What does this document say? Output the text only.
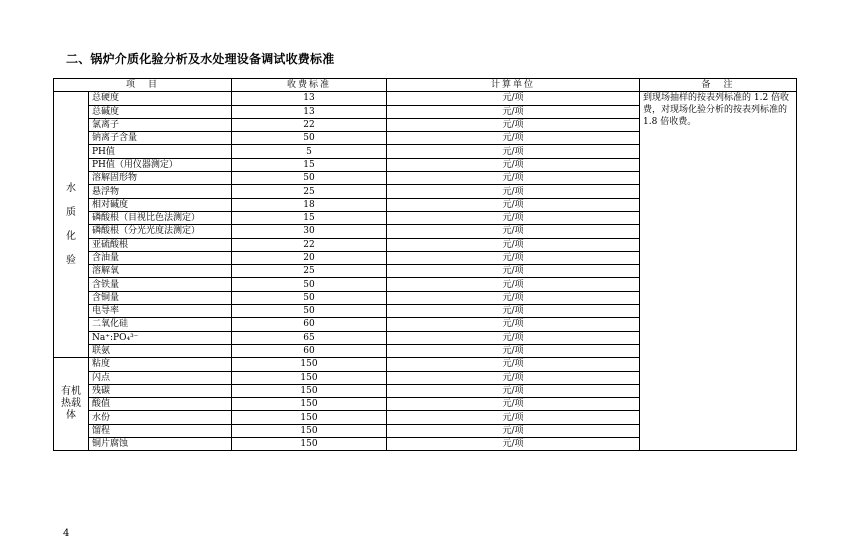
二、锅炉介质化验分析及水处理设备调试收费标准
项　目		收费标准	计算单位	备　注

水
质
化
验	总硬度	13	元/项	到现场抽样的按表列标准的 1.2 倍收费，对现场化验分析的按表列标准的 1.8 倍收费。
	总碱度	13	元/项	
	氯离子	22	元/项	
	钠离子含量	50	元/项	
	PH值	5	元/项	
	PH值（用仪器测定）	15	元/项	
	溶解固形物	50	元/项	
	悬浮物	25	元/项	
	相对碱度	18	元/项	
	磷酸根（目视比色法测定）	15	元/项	
	磷酸根（分光光度法测定）	30	元/项	
	亚硫酸根	22	元/项	
	含油量	20	元/项	
	溶解氧	25	元/项	
	含铁量	50	元/项	
	含铜量	50	元/项	
	电导率	50	元/项	
	二氧化硅	60	元/项	
	Na⁺:PO₄³⁻	65	元/项	
	联氨	60	元/项	

有机
热载
体	粘度	150	元/项	
	闪点	150	元/项	
	残碳	150	元/项	
	酸值	150	元/项	
	水份	150	元/项	
	馏程	150	元/项	
	铜片腐蚀	150	元/项	
4
